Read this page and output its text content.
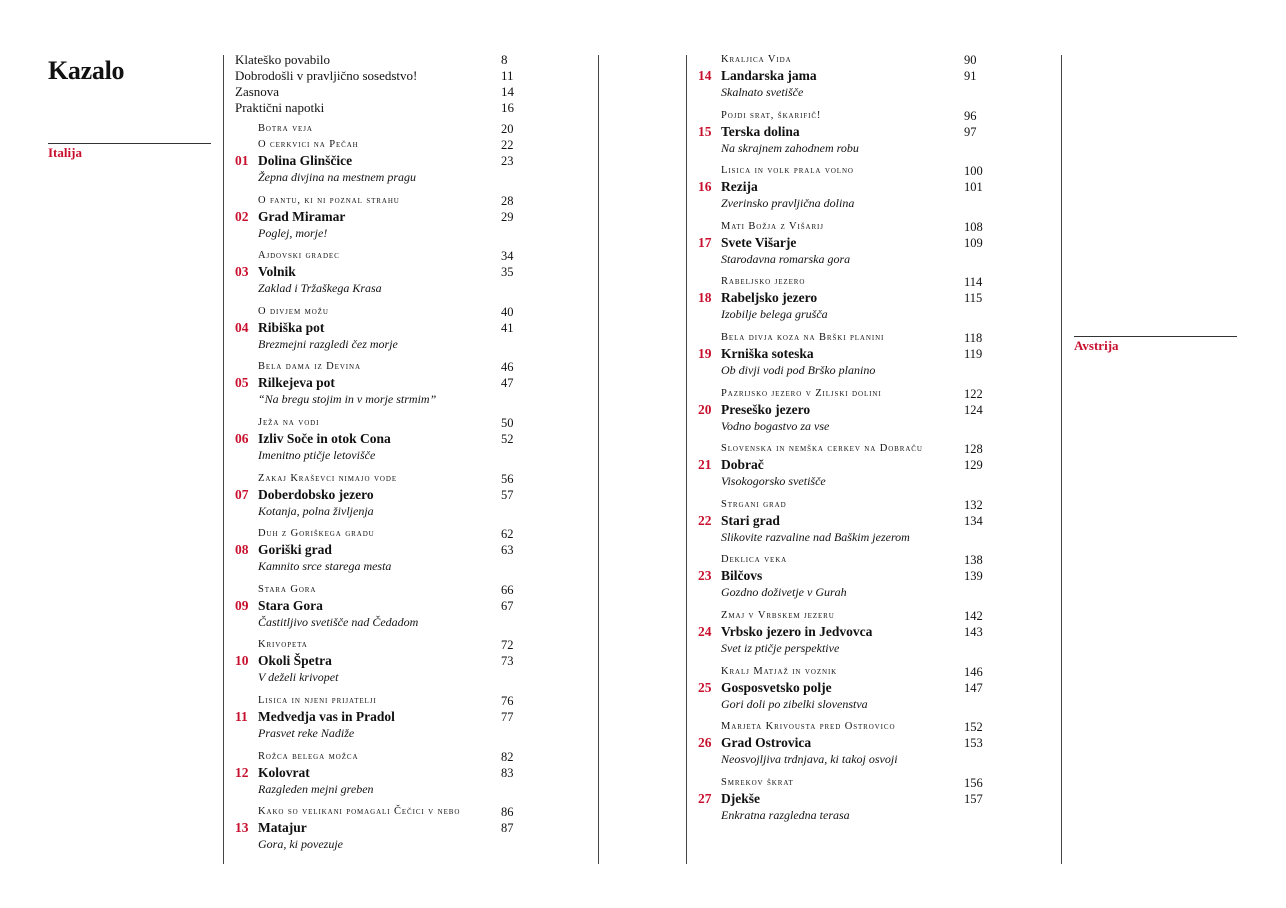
Kazalo
Italija
Avstrija
Klateško povabilo	8
Dobrodošli v pravljično sosedstvo!	11
Zasnova	14
Praktični napotki	16
Botra veja	20
O cerkvici na Pečah	22
01 Dolina Glinščice	23
Žepna divjina na mestnem pragu
O fantu, ki ni poznal strahu	28
02 Grad Miramar	29
Poglej, morje!
Ajdovski gradec	34
03 Volnik	35
Zaklad i Tržaškega Krasa
O divjem možu	40
04 Ribiška pot	41
Brezmejni razgledi čez morje
Bela dama iz Devina	46
05 Rilkejeva pot	47
“Na bregu stojim in v morje strmim”
Ježa na vodi	50
06 Izliv Soče in otok Cona	52
Imenitno ptičje letovišče
Zakaj Kraševci nimajo vode	56
07 Doberdobsko jezero	57
Kotanja, polna življenja
Duh z Goriškega gradu	62
08 Goriški grad	63
Kamnito srce starega mesta
Stara Gora	66
09 Stara Gora	67
Častitljivo svetišče nad Čedadom
Krivopeta	72
10 Okoli Špetra	73
V deželi krivopet
Lisica in njeni prijatelji	76
11 Medvedja vas in Pradol	77
Prasvet reke Nadiže
Rožca belega možca	82
12 Kolovrat	83
Razgleden mejni greben
Kako so velikani pomagali Čečici v nebo	86
13 Matajur	87
Gora, ki povezuje
Kraljica Vida	90
14 Landarska jama	91
Skalnato svetišče
Pojdi srat, škarifič!	96
15 Terska dolina	97
Na skrajnem zahodnem robu
Lisica in volk prala volno	100
16 Rezija	101
Zverinsko pravljična dolina
Mati Božja z Višarij	108
17 Svete Višarje	109
Starodavna romarska gora
Rabeljsko jezero	114
18 Rabeljsko jezero	115
Izobilje belega grušča
Bela divja koza na Brški planini	118
19 Krniška soteska	119
Ob divji vodi pod Brško planino
Pazrijsko jezero v Ziljski dolini	122
20 Preseško jezero	124
Vodno bogastvo za vse
Slovenska in nemška cerkev na Dobraču	128
21 Dobrač	129
Visokogorsko svetišče
Strgani grad	132
22 Stari grad	134
Slikovite razvaline nad Baškim jezerom
Deklica veka	138
23 Bilčovs	139
Gozdno doživetje v Gurah
Zmaj v Vrbskem jezeru	142
24 Vrbsko jezero in Jedvovca	143
Svet iz ptičje perspektive
Kralj Matjaž in voznik	146
25 Gosposvetsko polje	147
Gori doli po zibelki slovenstva
Marjeta Krivousta pred Ostrovico	152
26 Grad Ostrovica	153
Neosvojljiva trdnjava, ki takoj osvoji
Smrekov škrat	156
27 Djekše	157
Enkratna razgledna terasa
